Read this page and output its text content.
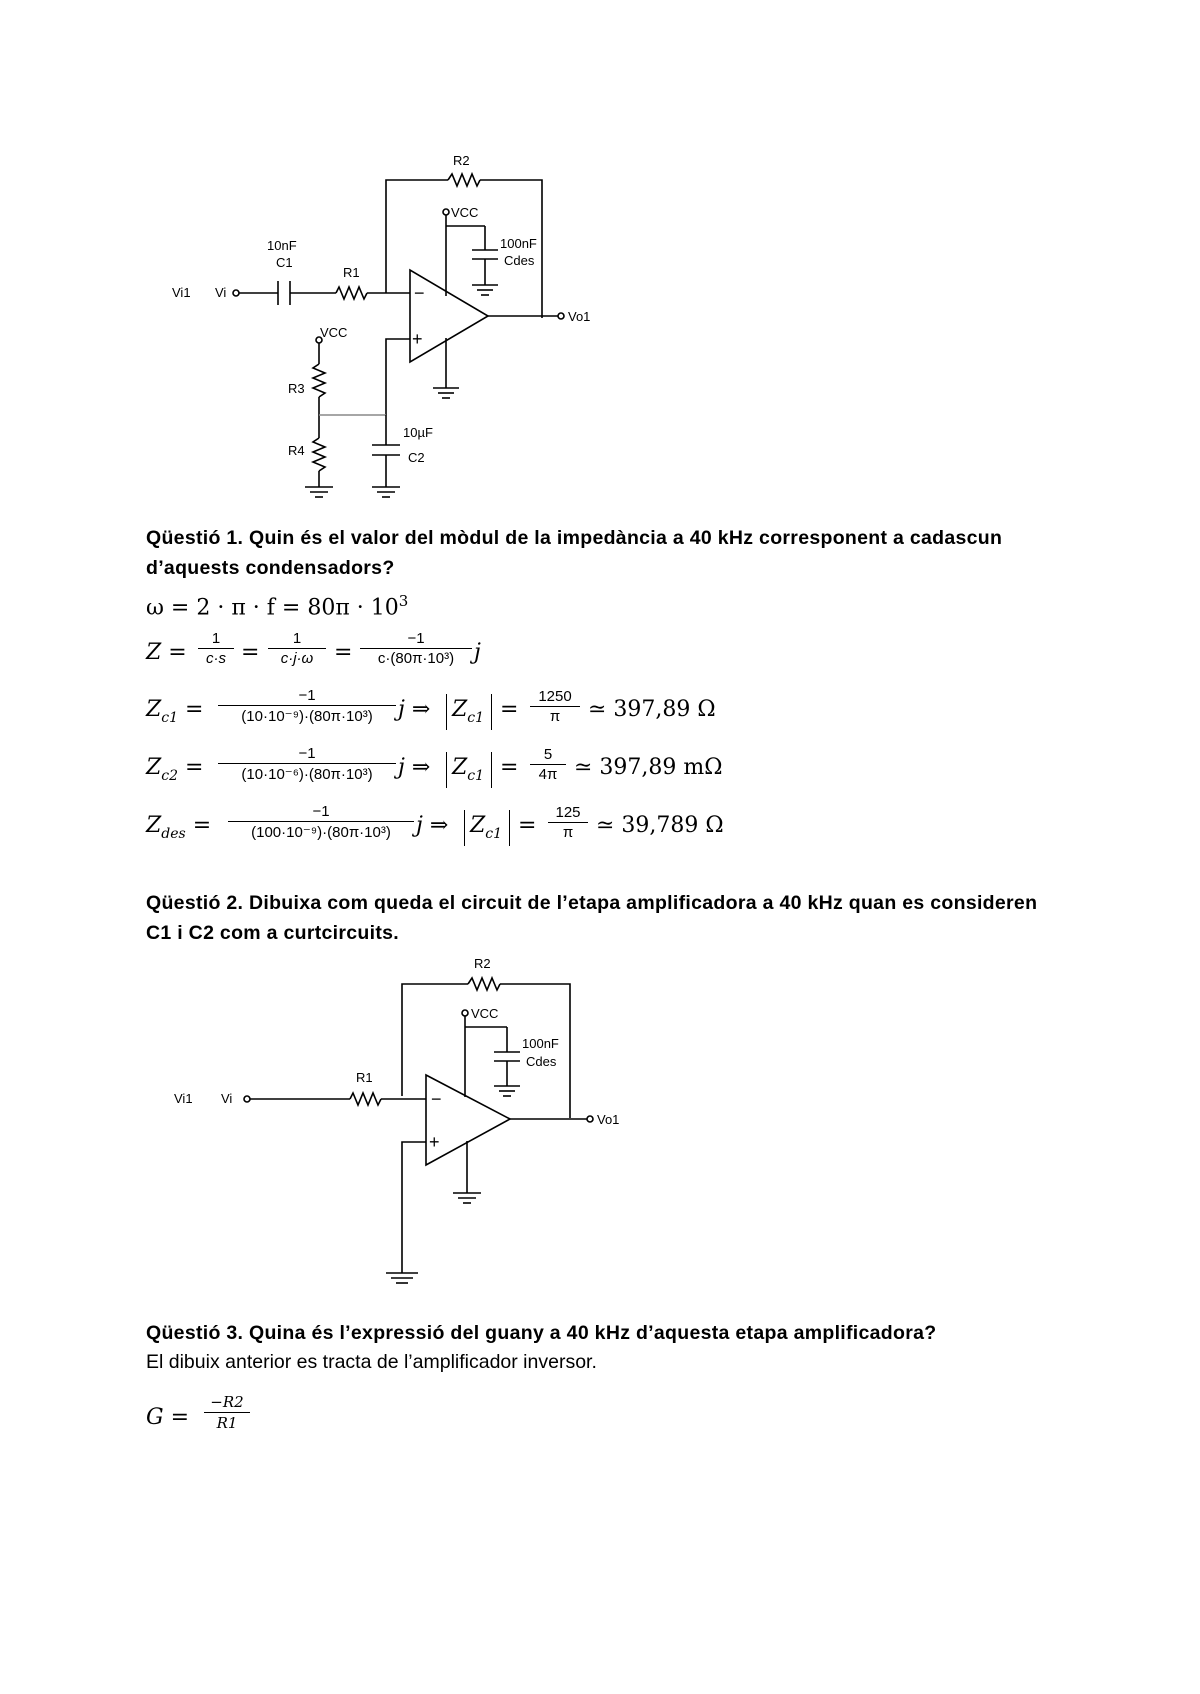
R2
VCC
100nF
Cdes
10nF
C1
R1
Vi1 Vi	−
+
Vo1
VCC
R3
R4
10µF
C2
Qüestió 1. Quin és el valor del mòdul de la impedància a 40 kHz corresponent a cadascun d’aquests condensadors?
$\omega = 2 \cdot \pi \cdot f = 80\pi \cdot 10^3$
$Z = \frac{1}{c\cdot s} = \frac{1}{c\cdot j\cdot\omega} = \frac{-1}{\text{c·(80π·10³)}}$ j
$Z_{c1} = \frac{-1}{\text{(10·10⁻⁹)·(80π·10³)}}$ j ⇒ $Z_{c1} = \frac{1250}{\pi}$ ≃ 397,89 Ω
$Z_{c2} = \frac{-1}{\text{(10·10⁻⁶)·(80π·10³)}}$ j ⇒ $Z_{c1} = \frac{5}{4\pi}$ ≃ 397,89 mΩ
$Z_{des} = \frac{-1}{\text{(100·10⁻⁹)·(80π·10³)}}$ j ⇒ $Z_{c1} = \frac{125}{\pi}$ ≃ 39,789 Ω
Qüestió 2. Dibuixa com queda el circuit de l’etapa amplificadora a 40 kHz quan es consideren C1 i C2 com a curtcircuits.
R2
VCC
100nF
Cdes
R1
Vi1 Vi	−
+
Vo1
Qüestió 3. Quina és l’expressió del guany a 40 kHz d’aquesta etapa amplificadora?
El dibuix anterior es tracta de l’amplificador inversor.
$G = \frac{-R2}{R1}$
